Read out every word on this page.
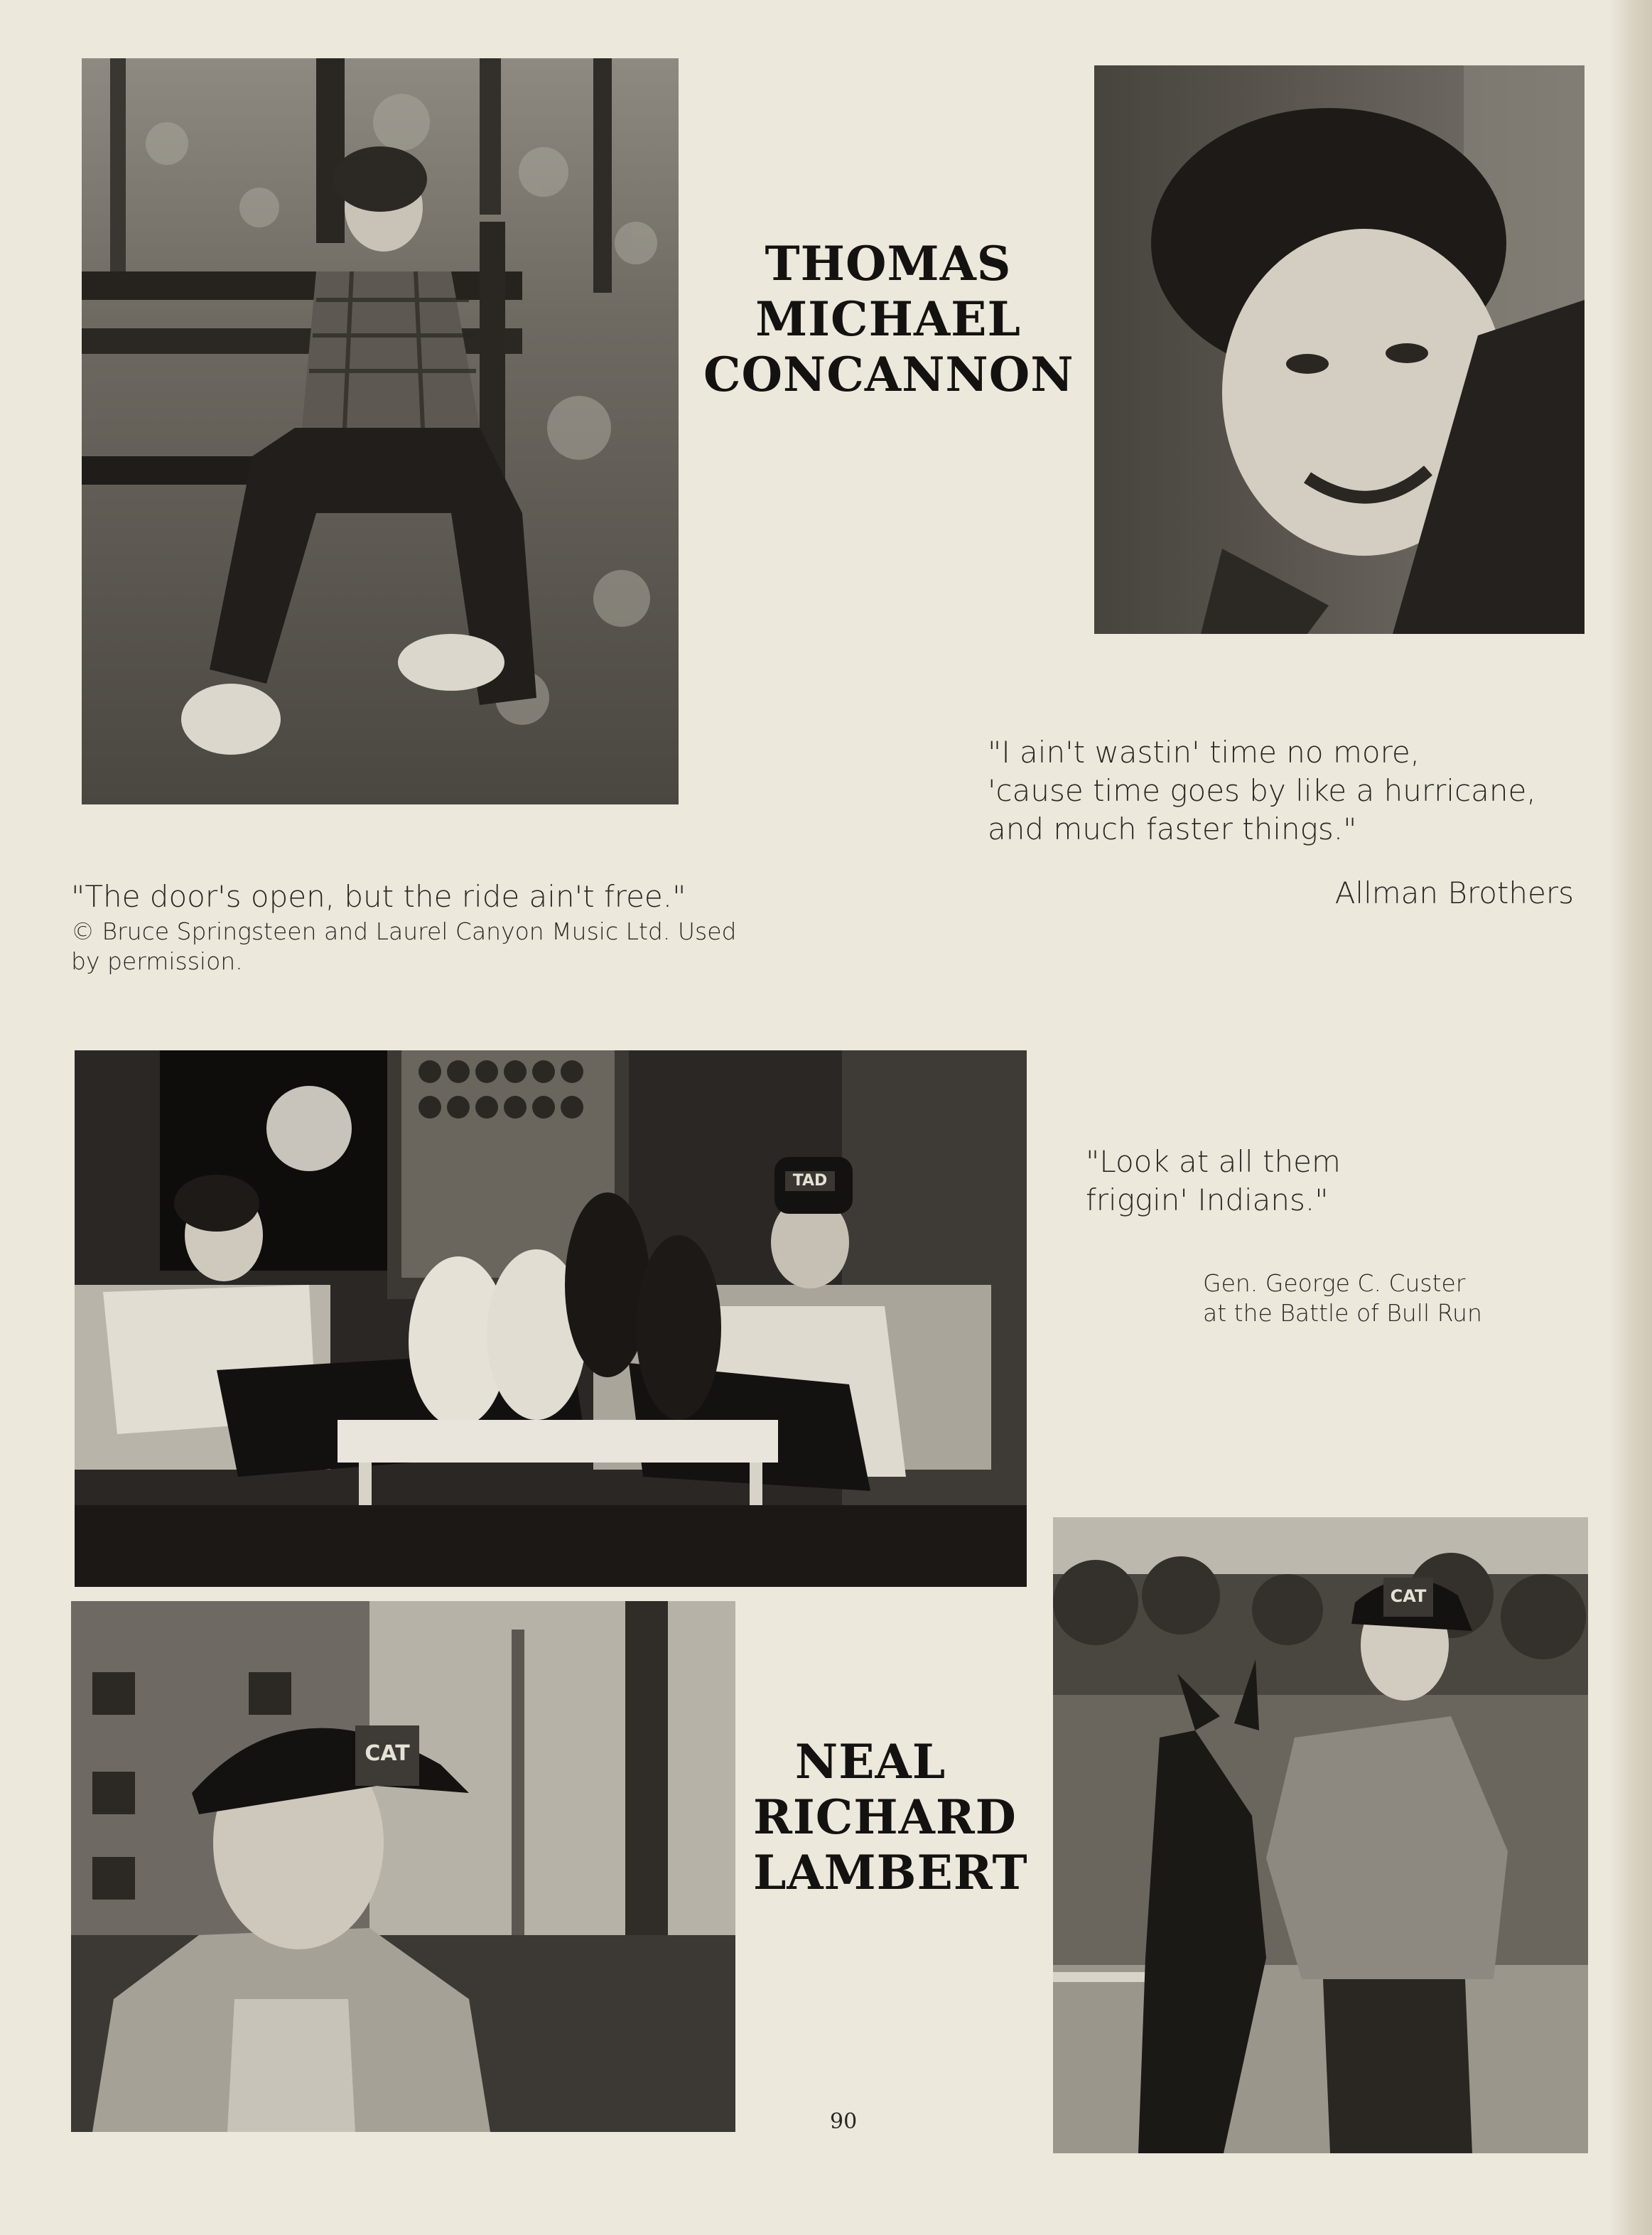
THOMAS
MICHAEL
CONCANNON
"I ain't wastin' time no more,
'cause time goes by like a hurricane,
and much faster things."
Allman Brothers
"The door's open, but the ride ain't free."
© Bruce Springsteen and Laurel Canyon Music Ltd. Used
by permission.
TAD
"Look at all them
friggin' Indians."
Gen. George C. Custer
at the Battle of Bull Run
CAT	NEAL
RICHARD
LAMBERT
CAT
90
